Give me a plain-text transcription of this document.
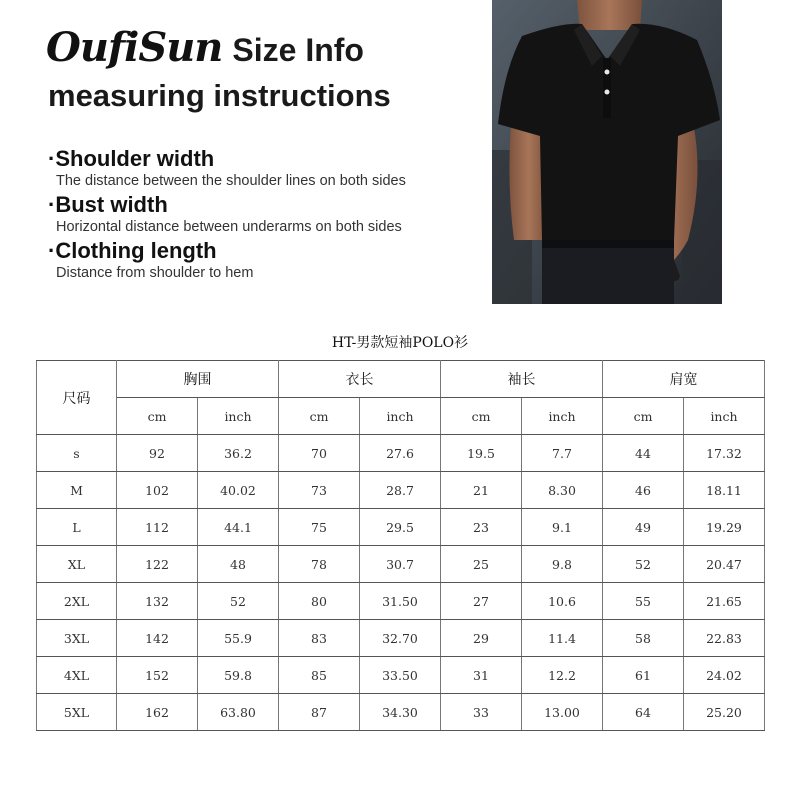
OufiSun Size Info
measuring instructions
·Shoulder width
The distance between the shoulder lines on both sides
·Bust width
Horizontal distance between underarms on both sides
·Clothing length
Distance from shoulder to hem
HT-男款短袖POLO衫
尺码	胸围		衣长		袖长		肩宽	
	cm	inch	cm	inch	cm	inch	cm	inch
s	92	36.2	70	27.6	19.5	7.7	44	17.32
M	102	40.02	73	28.7	21	8.30	46	18.11
L	112	44.1	75	29.5	23	9.1	49	19.29
XL	122	48	78	30.7	25	9.8	52	20.47
2XL	132	52	80	31.50	27	10.6	55	21.65
3XL	142	55.9	83	32.70	29	11.4	58	22.83
4XL	152	59.8	85	33.50	31	12.2	61	24.02
5XL	162	63.80	87	34.30	33	13.00	64	25.20
